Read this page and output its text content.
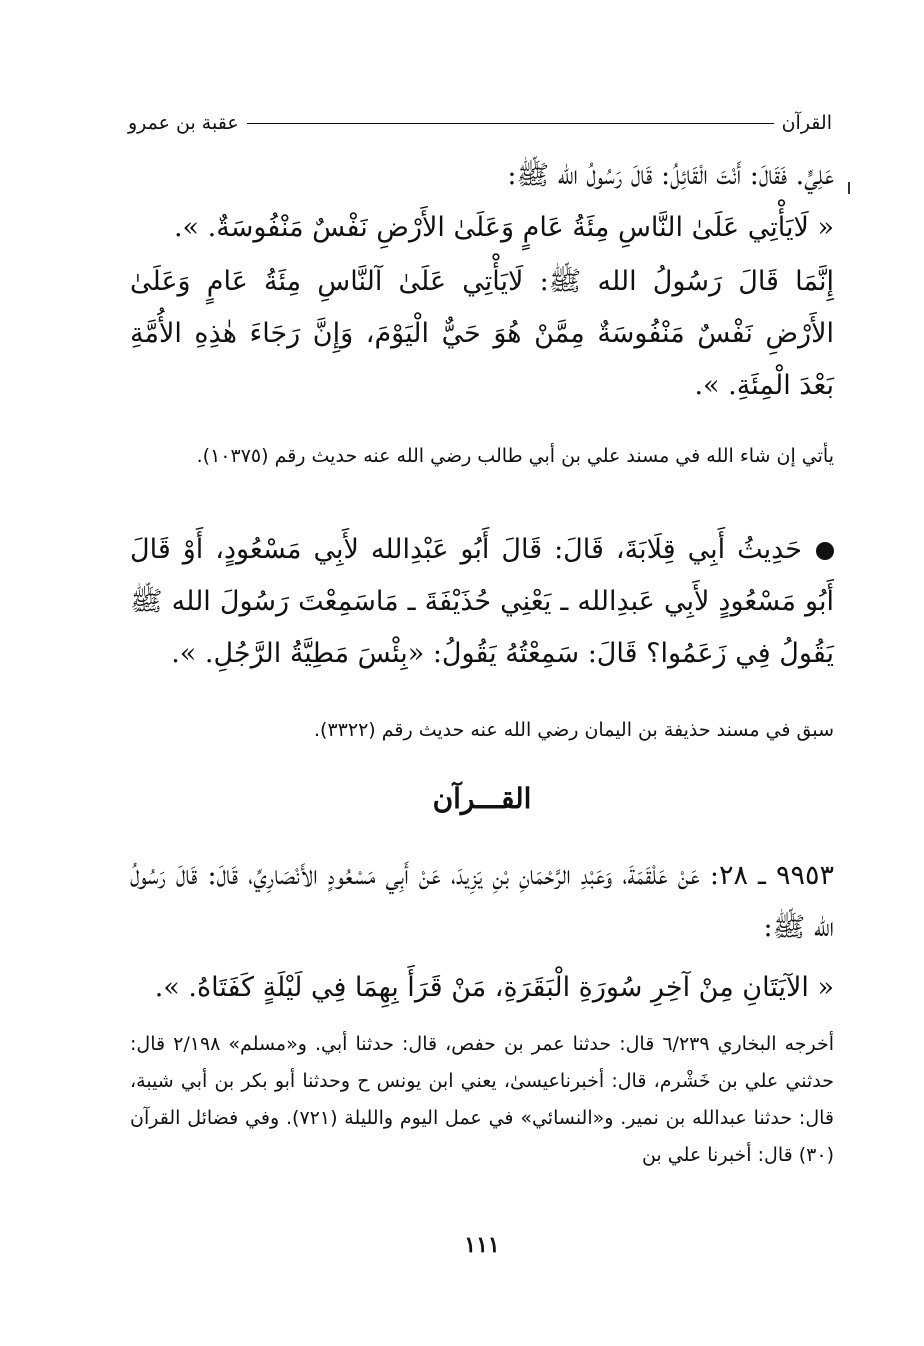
القرآن
عقبة بن عمرو
عَلِيٍّ. فَقَالَ: أَنْتَ الْقَائِلُ: قَالَ رَسُولُ الله ﷺ:
« لَايَأْتِي عَلَىٰ النَّاسِ مِئَةُ عَامٍ وَعَلَىٰ الأَرْضِ نَفْسٌ مَنْفُوسَةٌ. ».
إِنَّمَا قَالَ رَسُولُ الله ﷺ: لَايَأْتِي عَلَىٰ آلنَّاسِ مِئَةُ عَامٍ وَعَلَىٰ الأَرْضِ نَفْسٌ مَنْفُوسَةٌ مِمَّنْ هُوَ حَيٌّ الْيَوْمَ، وَإِنَّ رَجَاءَ هٰذِهِ الأُمَّةِ بَعْدَ الْمِئَةِ. ».
يأتي إن شاء الله في مسند علي بن أبي طالب رضي الله عنه حديث رقم (١٠٣٧٥).
حَدِيثُ أَبِي قِلَابَةَ، قَالَ: قَالَ أَبُو عَبْدِالله لأَبِي مَسْعُودٍ، أَوْ قَالَ أَبُو مَسْعُودٍ لأَبِي عَبدِالله ـ يَعْنِي حُذَيْفَةَ ـ مَاسَمِعْتَ رَسُولَ الله ﷺ يَقُولُ فِي زَعَمُوا؟ قَالَ: سَمِعْتُهُ يَقُولُ: «بِئْسَ مَطِيَّةُ الرَّجُلِ. ».
سبق في مسند حذيفة بن اليمان رضي الله عنه حديث رقم (٣٣٢٢).
القـــرآن
٩٩٥٣ ـ ٢٨: عَنْ عَلْقَمَةَ، وَعَبْدِ الرَّحْمَانِ بْنِ يَزِيدَ، عَنْ أَبِي مَسْعُودٍ الأَنْصَارِيِّ، قَالَ: قَالَ رَسُولُ الله ﷺ:
« الآيَتَانِ مِنْ آخِرِ سُورَةِ الْبَقَرَةِ، مَنْ قَرَأَ بِهِمَا فِي لَيْلَةٍ كَفَتَاهُ. ».
أخرجه البخاري ٦/٢٣٩ قال: حدثنا عمر بن حفص، قال: حدثنا أبي. و«مسلم» ٢/١٩٨ قال: حدثني علي بن خَشْرم، قال: أخبرناعيسىٰ، يعني ابن يونس ح وحدثنا أبو بكر بن أبي شيبة، قال: حدثنا عبدالله بن نمير. و«النسائي» في عمل اليوم والليلة (٧٢١). وفي فضائل القرآن (٣٠) قال: أخبرنا علي بن
١١١
